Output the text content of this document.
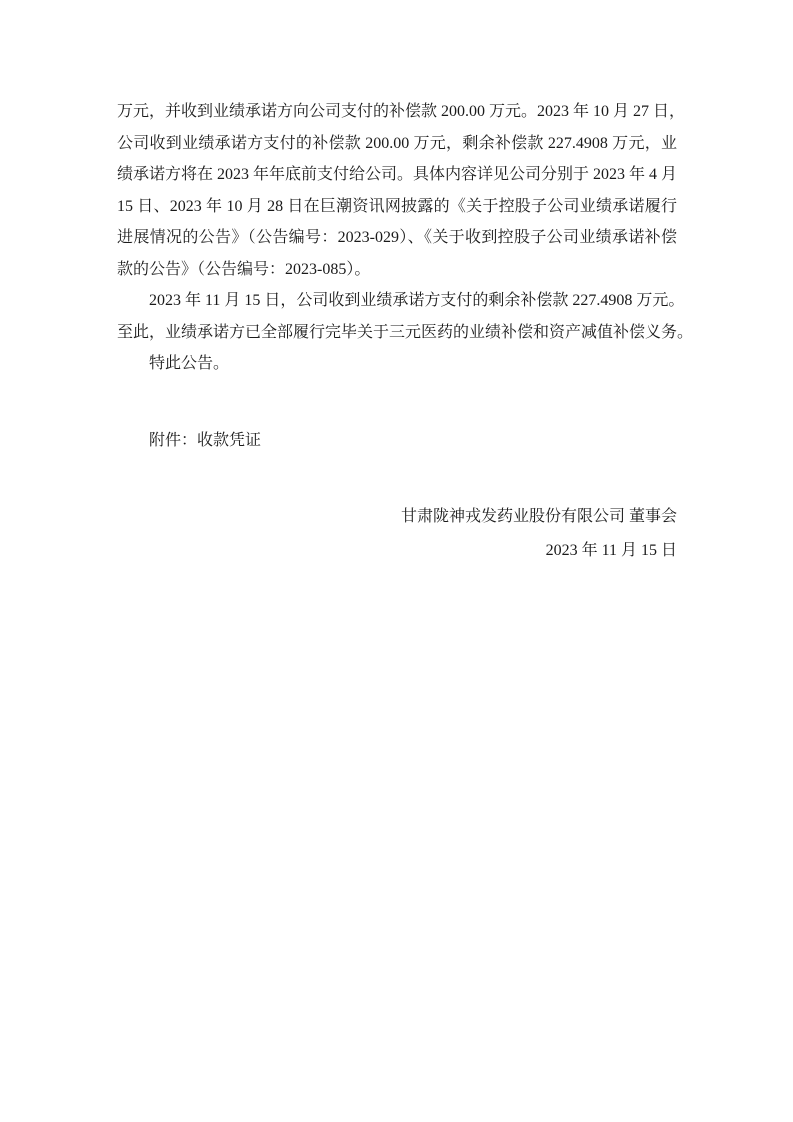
万元，并收到业绩承诺方向公司支付的补偿款 200.00 万元。2023 年 10 月 27 日，
公司收到业绩承诺方支付的补偿款 200.00 万元，剩余补偿款 227.4908 万元，业
绩承诺方将在 2023 年年底前支付给公司。具体内容详见公司分别于 2023 年 4 月
15 日、2023 年 10 月 28 日在巨潮资讯网披露的《关于控股子公司业绩承诺履行
进展情况的公告》（公告编号：2023-029）、《关于收到控股子公司业绩承诺补偿
款的公告》（公告编号：2023-085）。
2023 年 11 月 15 日，公司收到业绩承诺方支付的剩余补偿款 227.4908 万元。
至此，业绩承诺方已全部履行完毕关于三元医药的业绩补偿和资产减值补偿义务。
特此公告。
附件：收款凭证
甘肃陇神戎发药业股份有限公司 董事会
2023 年 11 月 15 日
